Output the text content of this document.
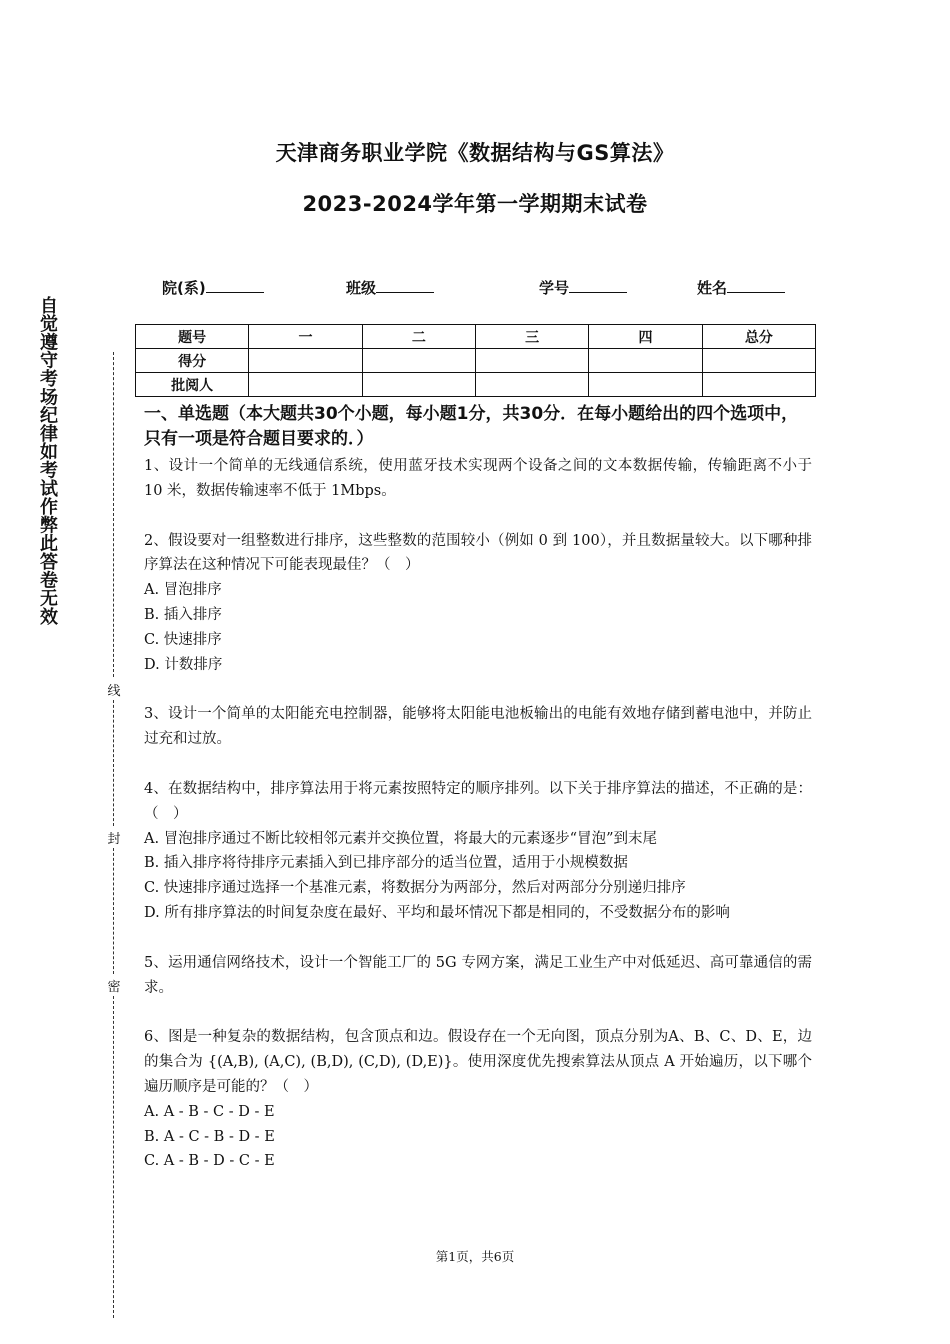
天津商务职业学院《数据结构与GS算法》
2023-2024学年第一学期期末试卷
院(系)	班级	学号	姓名
题号	一	二	三	四	总分
得分					
批阅人					
自觉遵守考场纪律如考试作弊此答卷无效
线
封
密
一、单选题（本大题共30个小题，每小题1分，共30分．在每小题给出的四个选项中，只有一项是符合题目要求的．）
1、设计一个简单的无线通信系统，使用蓝牙技术实现两个设备之间的文本数据传输，传输距离不小于 10 米，数据传输速率不低于 1Mbps。
2、假设要对一组整数进行排序，这些整数的范围较小（例如 0 到 100），并且数据量较大。以下哪种排序算法在这种情况下可能表现最佳？（　）
A. 冒泡排序
B. 插入排序
C. 快速排序
D. 计数排序
3、设计一个简单的太阳能充电控制器，能够将太阳能电池板输出的电能有效地存储到蓄电池中，并防止过充和过放。
4、在数据结构中，排序算法用于将元素按照特定的顺序排列。以下关于排序算法的描述，不正确的是：（　）
A. 冒泡排序通过不断比较相邻元素并交换位置，将最大的元素逐步“冒泡”到末尾
B. 插入排序将待排序元素插入到已排序部分的适当位置，适用于小规模数据
C. 快速排序通过选择一个基准元素，将数据分为两部分，然后对两部分分别递归排序
D. 所有排序算法的时间复杂度在最好、平均和最坏情况下都是相同的，不受数据分布的影响
5、运用通信网络技术，设计一个智能工厂的 5G 专网方案，满足工业生产中对低延迟、高可靠通信的需求。
6、图是一种复杂的数据结构，包含顶点和边。假设存在一个无向图，顶点分别为A、B、C、D、E，边的集合为 {(A,B), (A,C), (B,D), (C,D), (D,E)}。使用深度优先搜索算法从顶点 A 开始遍历，以下哪个遍历顺序是可能的？（　）
A. A - B - C - D - E
B. A - C - B - D - E
C. A - B - D - C - E
第1页，共6页
